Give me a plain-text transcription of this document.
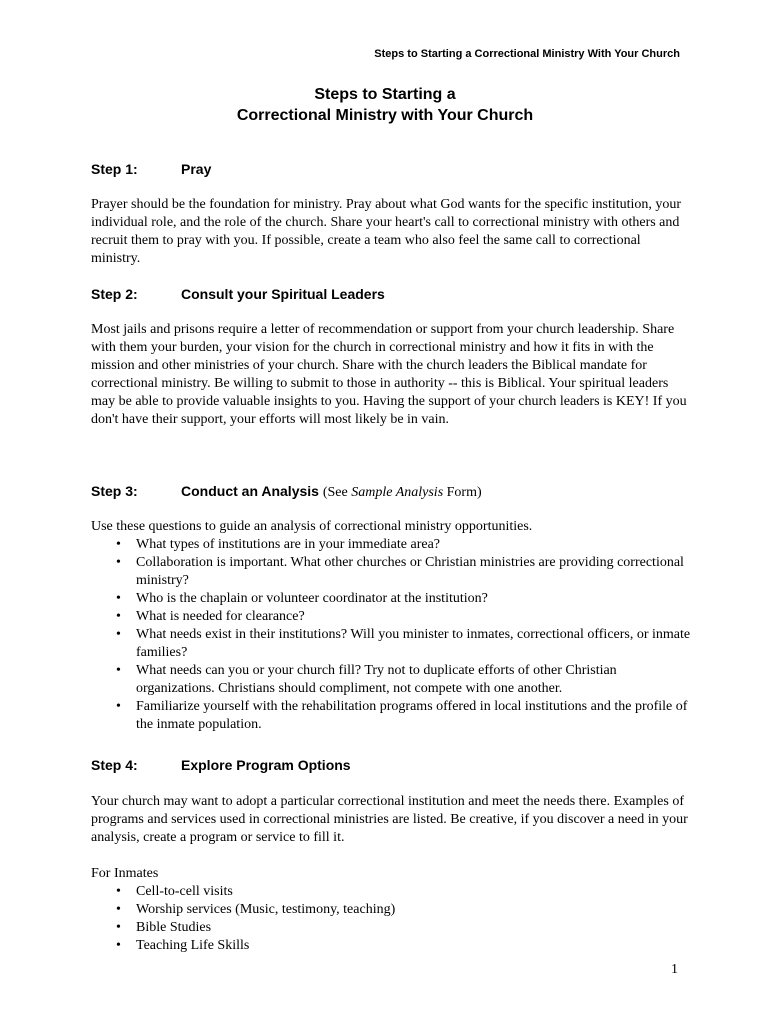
Steps to Starting a Correctional Ministry With Your Church
Steps to Starting a
Correctional Ministry with Your Church
Step 1:	Pray
Prayer should be the foundation for ministry. Pray about what God wants for the specific institution, your individual role, and the role of the church. Share your heart's call to correctional ministry with others and recruit them to pray with you. If possible, create a team who also feel the same call to correctional ministry.
Step 2:	Consult your Spiritual Leaders
Most jails and prisons require a letter of recommendation or support from your church leadership. Share with them your burden, your vision for the church in correctional ministry and how it fits in with the mission and other ministries of your church. Share with the church leaders the Biblical mandate for correctional ministry. Be willing to submit to those in authority -- this is Biblical. Your spiritual leaders may be able to provide valuable insights to you. Having the support of your church leaders is KEY! If you don't have their support, your efforts will most likely be in vain.
Step 3:	Conduct an Analysis (See Sample Analysis Form)
Use these questions to guide an analysis of correctional ministry opportunities.
• What types of institutions are in your immediate area?
• Collaboration is important. What other churches or Christian ministries are providing correctional ministry?
• Who is the chaplain or volunteer coordinator at the institution?
• What is needed for clearance?
• What needs exist in their institutions? Will you minister to inmates, correctional officers, or inmate families?
• What needs can you or your church fill? Try not to duplicate efforts of other Christian organizations. Christians should compliment, not compete with one another.
• Familiarize yourself with the rehabilitation programs offered in local institutions and the profile of the inmate population.
Step 4:	Explore Program Options
Your church may want to adopt a particular correctional institution and meet the needs there. Examples of programs and services used in correctional ministries are listed. Be creative, if you discover a need in your analysis, create a program or service to fill it.
For Inmates
• Cell-to-cell visits
• Worship services (Music, testimony, teaching)
• Bible Studies
• Teaching Life Skills
1
